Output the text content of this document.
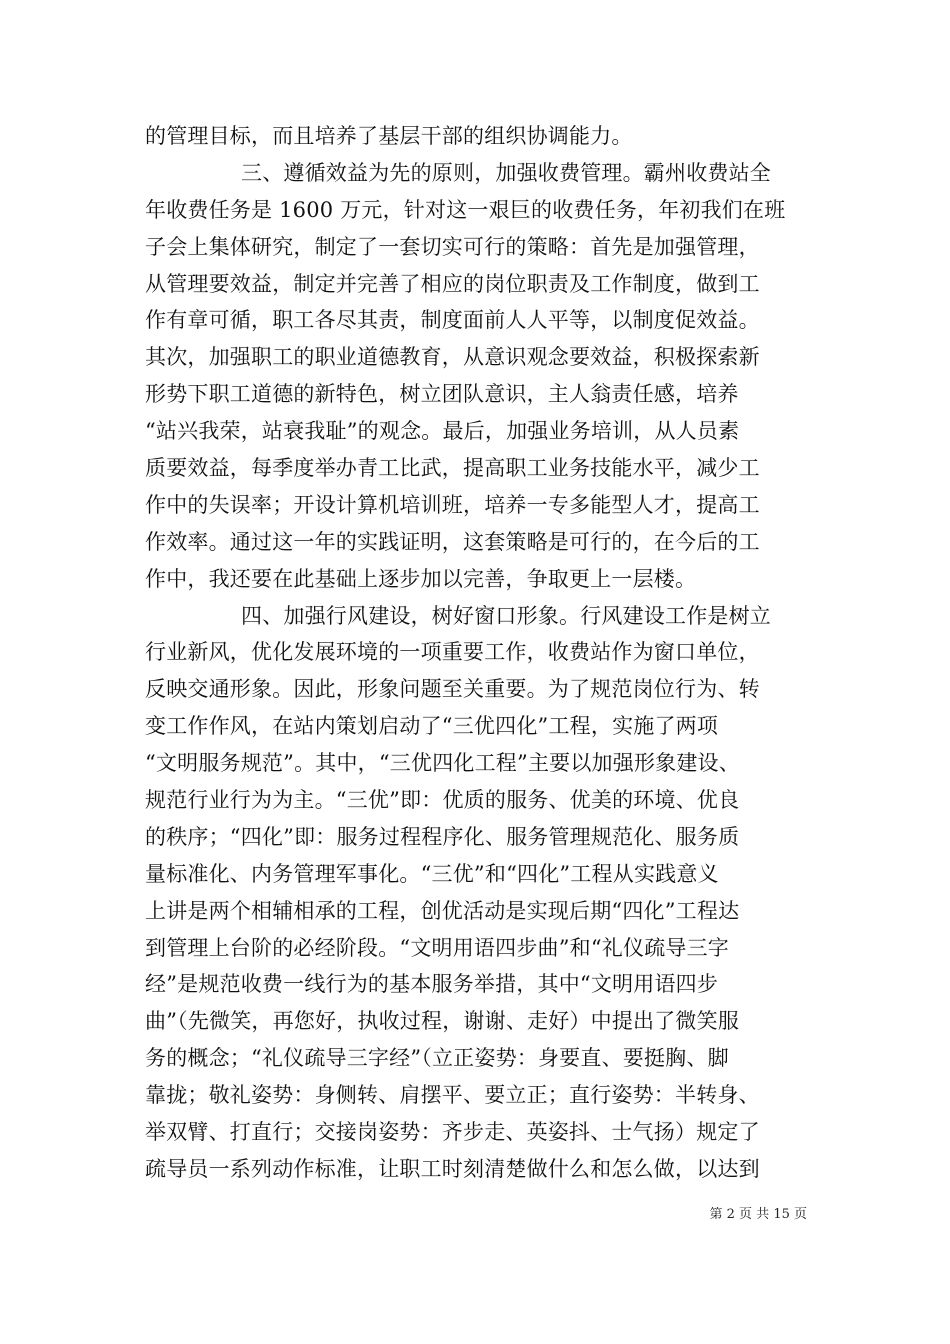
的管理目标，而且培养了基层干部的组织协调能力。
三、遵循效益为先的原则，加强收费管理。霸州收费站全
年收费任务是 1600 万元，针对这一艰巨的收费任务，年初我们在班
子会上集体研究，制定了一套切实可行的策略：首先是加强管理，
从管理要效益，制定并完善了相应的岗位职责及工作制度，做到工
作有章可循，职工各尽其责，制度面前人人平等，以制度促效益。
其次，加强职工的职业道德教育，从意识观念要效益，积极探索新
形势下职工道德的新特色，树立团队意识，主人翁责任感，培养
“站兴我荣，站衰我耻”的观念。最后，加强业务培训，从人员素
质要效益，每季度举办青工比武，提高职工业务技能水平，减少工
作中的失误率；开设计算机培训班，培养一专多能型人才，提高工
作效率。通过这一年的实践证明，这套策略是可行的，在今后的工
作中，我还要在此基础上逐步加以完善，争取更上一层楼。
四、加强行风建设，树好窗口形象。行风建设工作是树立
行业新风，优化发展环境的一项重要工作，收费站作为窗口单位，
反映交通形象。因此，形象问题至关重要。为了规范岗位行为、转
变工作作风，在站内策划启动了“三优四化”工程，实施了两项
“文明服务规范”。其中，“三优四化工程”主要以加强形象建设、
规范行业行为为主。“三优”即：优质的服务、优美的环境、优良
的秩序；“四化”即：服务过程程序化、服务管理规范化、服务质
量标准化、内务管理军事化。“三优”和“四化”工程从实践意义
上讲是两个相辅相承的工程，创优活动是实现后期“四化”工程达
到管理上台阶的必经阶段。“文明用语四步曲”和“礼仪疏导三字
经”是规范收费一线行为的基本服务举措，其中“文明用语四步
曲”（先微笑，再您好，执收过程，谢谢、走好）中提出了微笑服
务的概念；“礼仪疏导三字经”（立正姿势：身要直、要挺胸、脚
靠拢；敬礼姿势：身侧转、肩摆平、要立正；直行姿势：半转身、
举双臂、打直行；交接岗姿势：齐步走、英姿抖、士气扬）规定了
疏导员一系列动作标准，让职工时刻清楚做什么和怎么做，以达到
第 2 页 共 15 页
